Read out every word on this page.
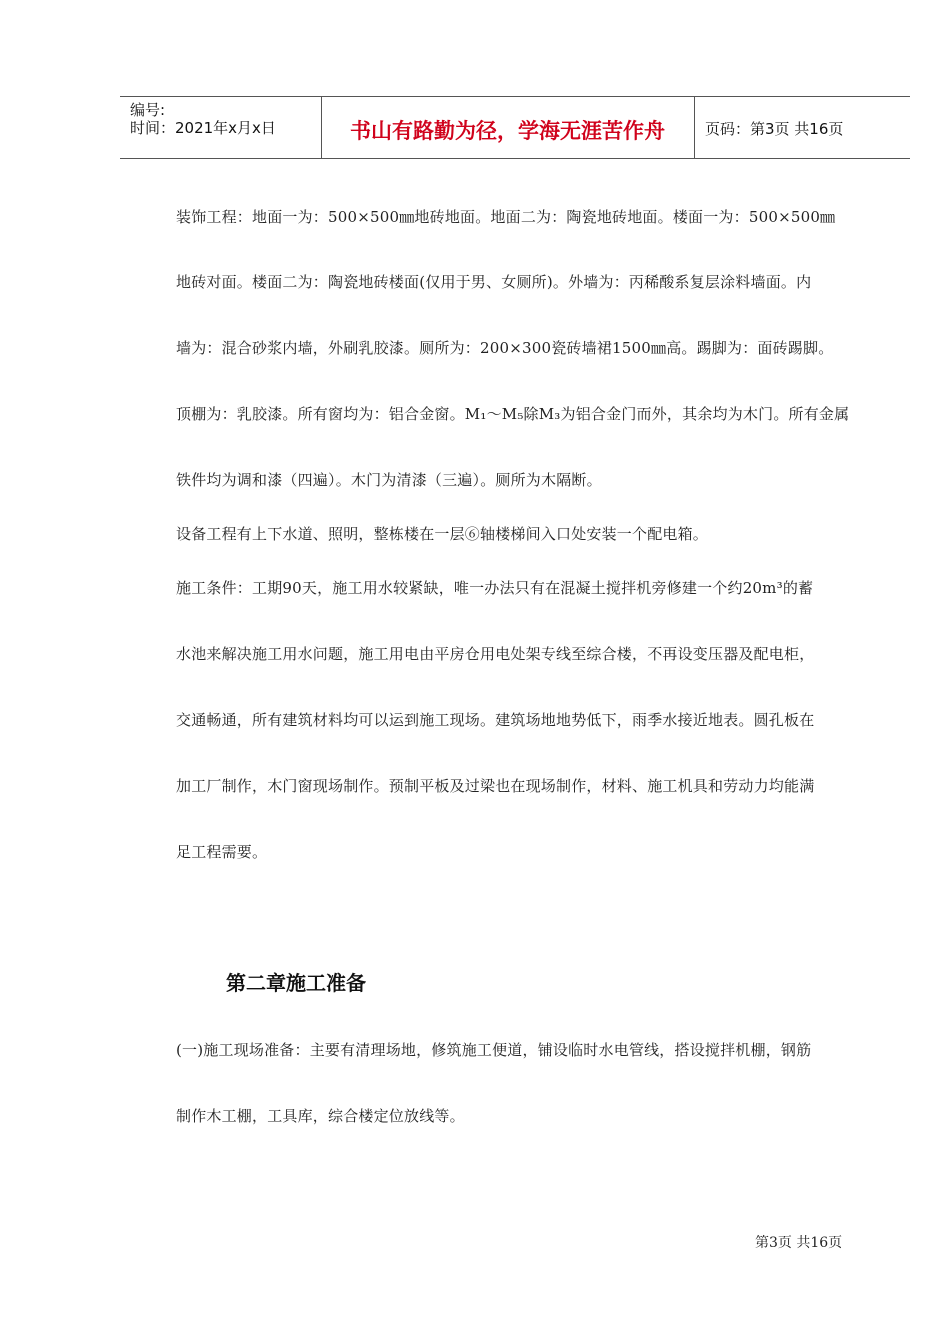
编号:
时间：2021年x月x日	书山有路勤为径，学海无涯苦作舟	页码：第3页 共16页
装饰工程：地面一为：500×500㎜地砖地面。地面二为：陶瓷地砖地面。楼面一为：500×500㎜
地砖对面。楼面二为：陶瓷地砖楼面(仅用于男、女厕所)。外墙为：丙稀酸系复层涂料墙面。内
墙为：混合砂浆内墙，外刷乳胶漆。厕所为：200×300瓷砖墙裙1500㎜高。踢脚为：面砖踢脚。
顶棚为：乳胶漆。所有窗均为：铝合金窗。M₁～M₅除M₃为铝合金门而外，其余均为木门。所有金属
铁件均为调和漆（四遍）。木门为清漆（三遍）。厕所为木隔断。
设备工程有上下水道、照明，整栋楼在一层⑥轴楼梯间入口处安装一个配电箱。
施工条件：工期90天，施工用水较紧缺，唯一办法只有在混凝土搅拌机旁修建一个约20m³的蓄
水池来解决施工用水问题，施工用电由平房仓用电处架专线至综合楼，不再设变压器及配电柜，
交通畅通，所有建筑材料均可以运到施工现场。建筑场地地势低下，雨季水接近地表。圆孔板在
加工厂制作，木门窗现场制作。预制平板及过梁也在现场制作，材料、施工机具和劳动力均能满
足工程需要。
第二章施工准备
(一)施工现场准备：主要有清理场地，修筑施工便道，铺设临时水电管线，搭设搅拌机棚，钢筋
制作木工棚，工具库，综合楼定位放线等。
第3页 共16页
